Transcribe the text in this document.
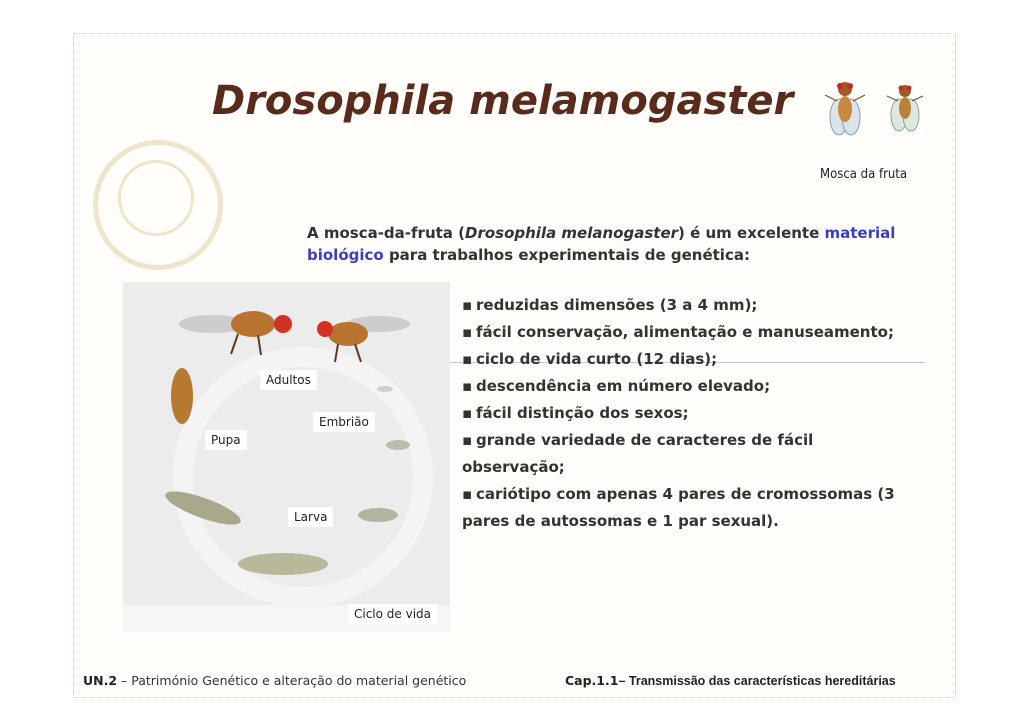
Drosophila melamogaster
Mosca da fruta
A mosca-da-fruta (Drosophila melanogaster) é um excelente material biológico para trabalhos experimentais de genética:
▪ reduzidas dimensões (3 a 4 mm);
▪ fácil conservação, alimentação e manuseamento;
▪ ciclo de vida curto (12 dias);
▪ descendência em número elevado;
▪ fácil distinção dos sexos;
▪ grande variedade de caracteres de fácil
observação;
▪ cariótipo com apenas 4 pares de cromossomas (3
pares de autossomas e 1 par sexual).
Adultos
Embrião
Pupa
Larva
Ciclo de vida
UN.2 – Património Genético e alteração do material genético	Cap.1.1– Transmissão das características hereditárias
